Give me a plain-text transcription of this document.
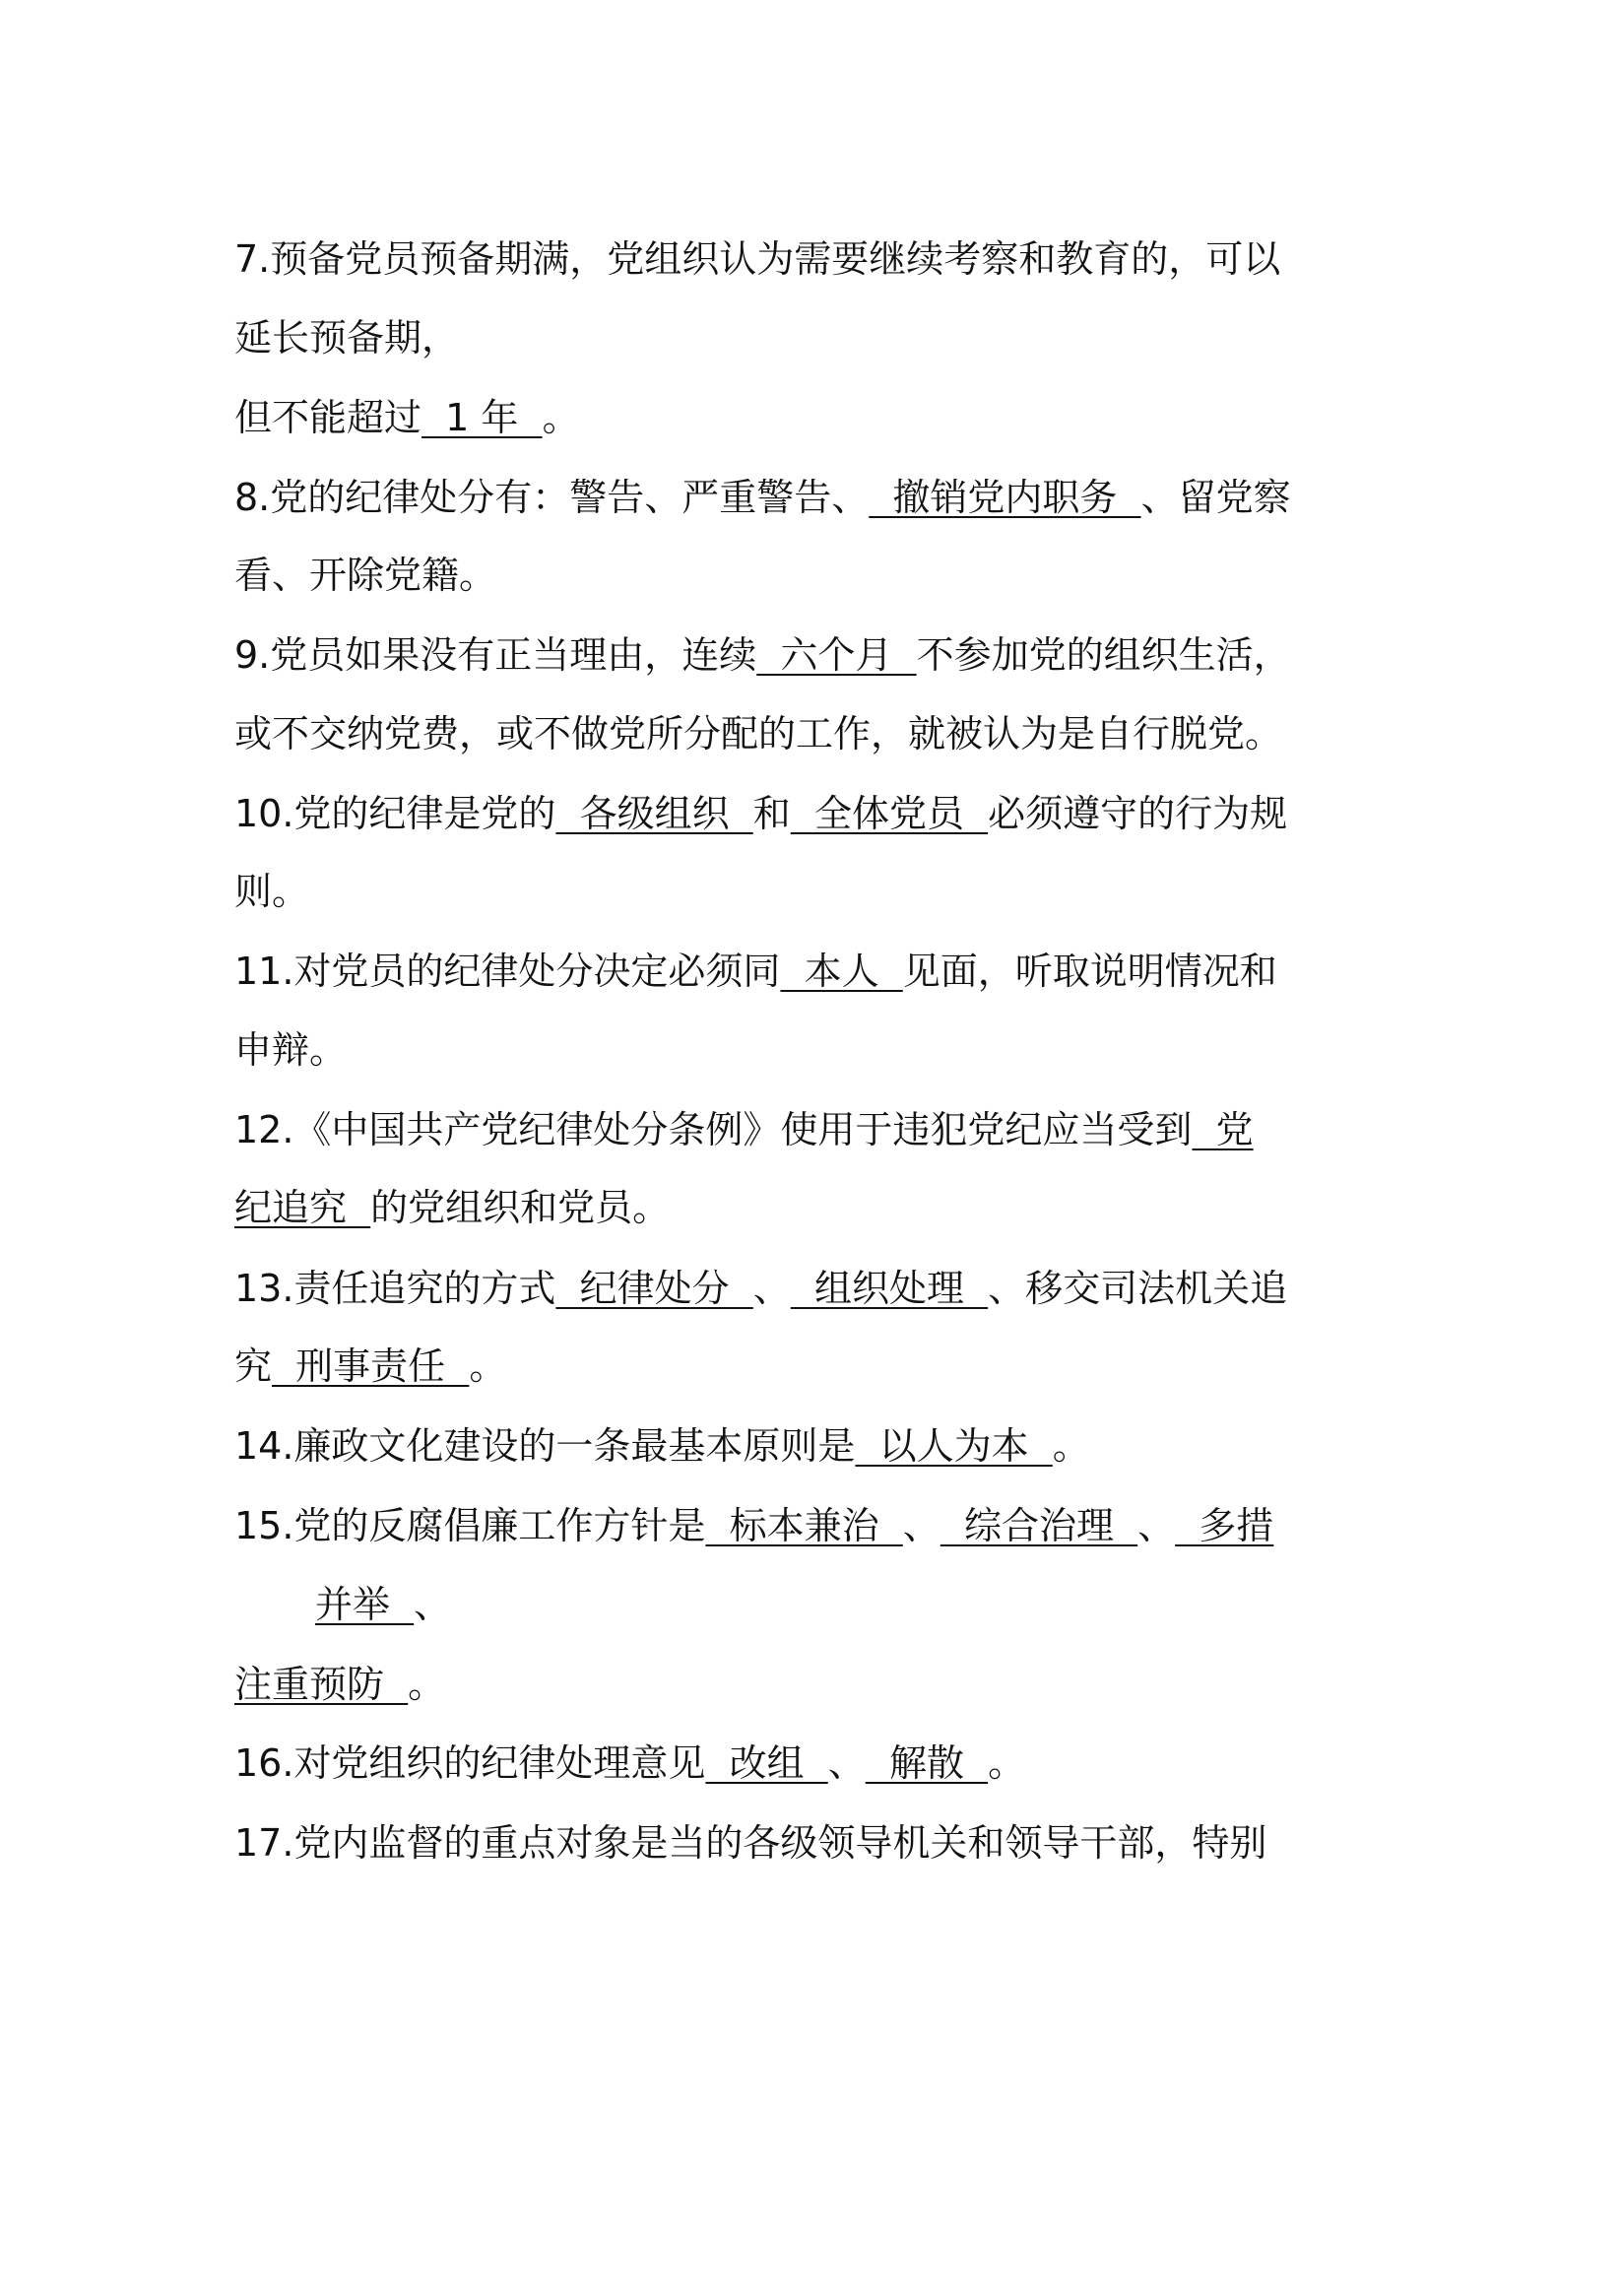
7.预备党员预备期满，党组织认为需要继续考察和教育的，可以
延长预备期，
但不能超过  1 年  。
8.党的纪律处分有：警告、严重警告、  撤销党内职务  、留党察
看、开除党籍。
9.党员如果没有正当理由，连续  六个月  不参加党的组织生活，
或不交纳党费，或不做党所分配的工作，就被认为是自行脱党。
10.党的纪律是党的  各级组织  和  全体党员  必须遵守的行为规
则。
11.对党员的纪律处分决定必须同  本人  见面，听取说明情况和
申辩。
12.《中国共产党纪律处分条例》使用于违犯党纪应当受到  党
纪追究  的党组织和党员。
13.责任追究的方式  纪律处分  、  组织处理  、移交司法机关追
究  刑事责任  。
14.廉政文化建设的一条最基本原则是  以人为本  。
15.党的反腐倡廉工作方针是  标本兼治  、  综合治理  、  多措
并举  、
注重预防  。
16.对党组织的纪律处理意见  改组  、  解散  。
17.党内监督的重点对象是当的各级领导机关和领导干部，特别
